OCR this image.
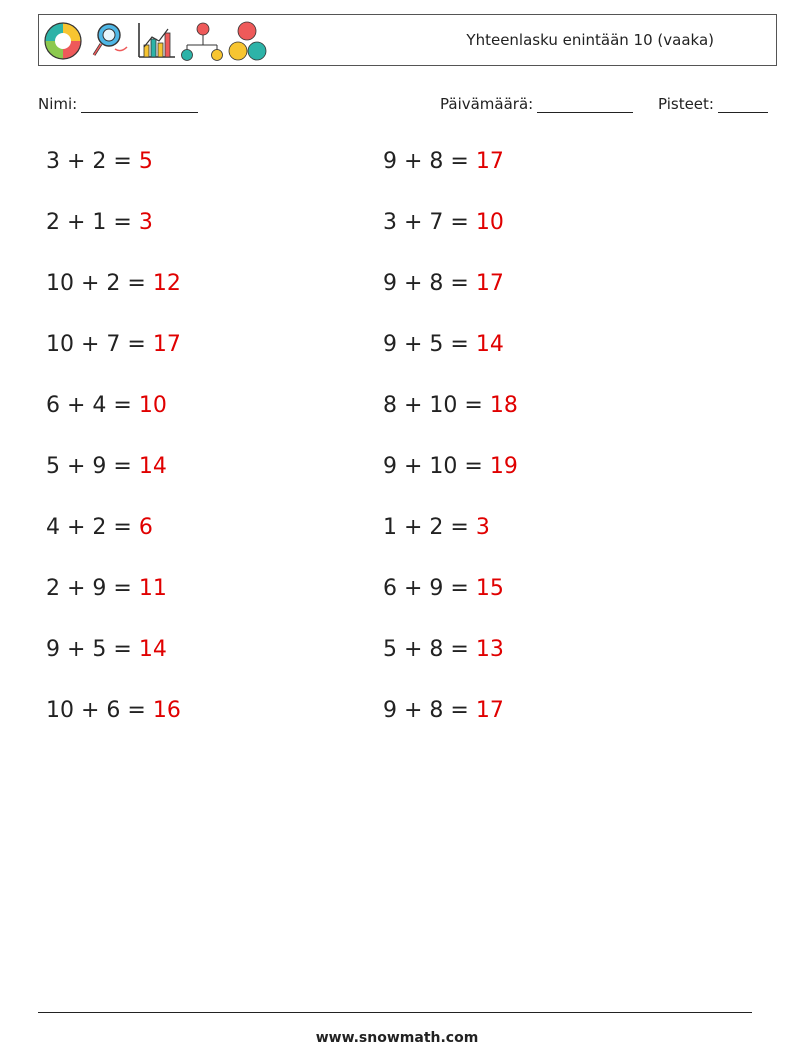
Yhteenlasku enintään 10 (vaaka)
Nimi:	Päivämäärä:	Pisteet:
3 + 2 = 5
2 + 1 = 3
10 + 2 = 12
10 + 7 = 17
6 + 4 = 10
5 + 9 = 14
4 + 2 = 6
2 + 9 = 11
9 + 5 = 14
10 + 6 = 16
9 + 8 = 17
3 + 7 = 10
9 + 8 = 17
9 + 5 = 14
8 + 10 = 18
9 + 10 = 19
1 + 2 = 3
6 + 9 = 15
5 + 8 = 13
9 + 8 = 17
www.snowmath.com
